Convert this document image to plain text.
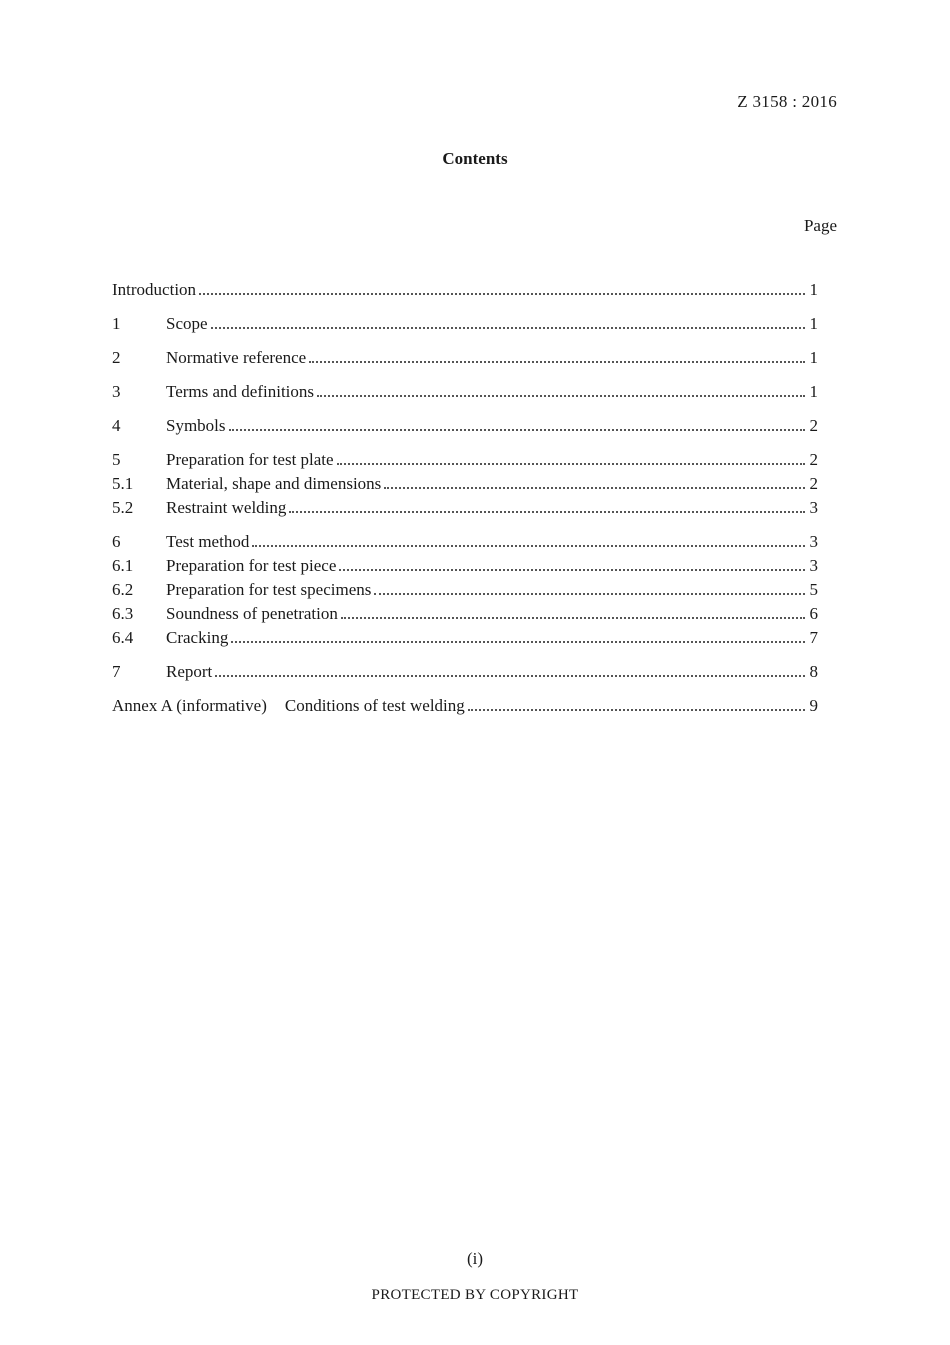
Z 3158 : 2016
Contents
Page
Introduction	1
1	Scope	1
2	Normative reference	1
3	Terms and definitions	1
4	Symbols	2
5	Preparation for test plate	2
5.1	Material, shape and dimensions	2
5.2	Restraint welding	3
6	Test method	3
6.1	Preparation for test piece	3
6.2	Preparation for test specimens	5
6.3	Soundness of penetration	6
6.4	Cracking	7
7	Report	8
Annex A (informative) Conditions of test welding	9
(i)
PROTECTED BY COPYRIGHT
